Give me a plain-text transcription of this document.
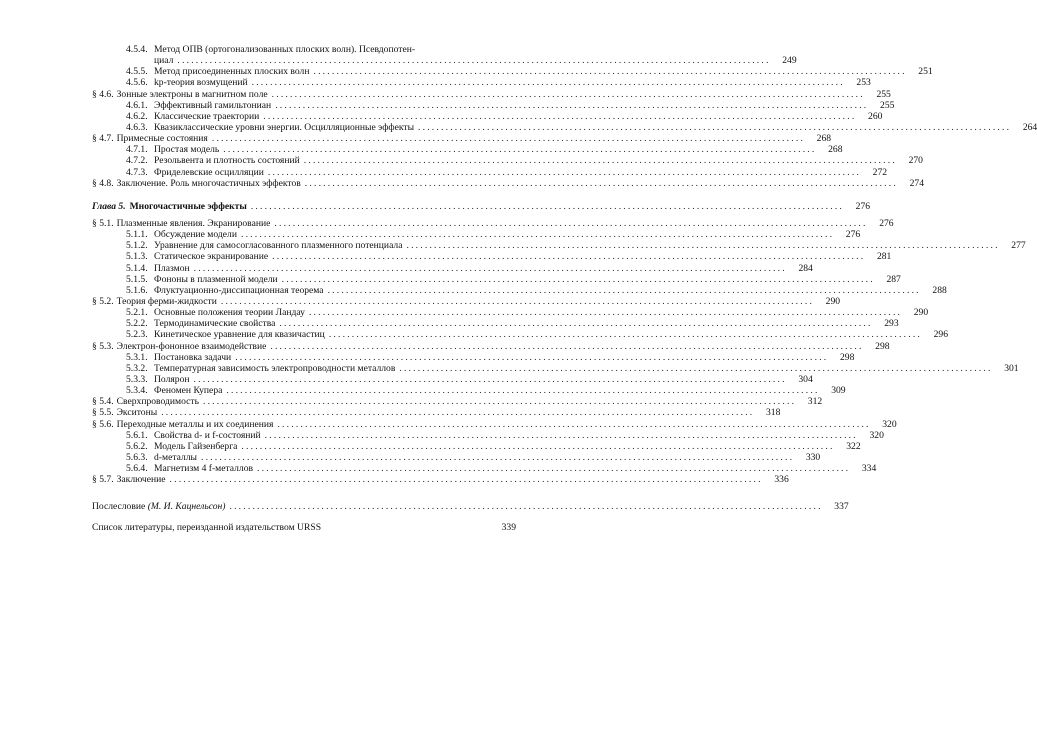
4.5.4. Метод ОПВ (ортогонализованных плоских волн). Псевдопотен-
циал .................................................................................................................................	249
4.5.5. Метод присоединенных плоских волн .................................................................................................................................	251
4.5.6. kp-теория возмущений .................................................................................................................................	253
§ 4.6. Зонные электроны в магнитном поле .................................................................................................................................	255
4.6.1. Эффективный гамильтониан .................................................................................................................................	255
4.6.2. Классические траектории .................................................................................................................................	260
4.6.3. Квазиклассические уровни энергии. Осцилляционные эффекты .................................................................................................................................	264
§ 4.7. Примесные состояния .................................................................................................................................	268
4.7.1. Простая модель .................................................................................................................................	268
4.7.2. Резольвента и плотность состояний .................................................................................................................................	270
4.7.3. Фриделевские осцилляции .................................................................................................................................	272
§ 4.8. Заключение. Роль многочастичных эффектов .................................................................................................................................	274
Глава 5. Многочастичные эффекты .................................................................................................................................	276
§ 5.1. Плазменные явления. Экранирование .................................................................................................................................	276
5.1.1. Обсуждение модели .................................................................................................................................	276
5.1.2. Уравнение для самосогласованного плазменного потенциала .................................................................................................................................	277
5.1.3. Статическое экранирование .................................................................................................................................	281
5.1.4. Плазмон .................................................................................................................................	284
5.1.5. Фононы в плазменной модели .................................................................................................................................	287
5.1.6. Флуктуационно-диссипационная теорема .................................................................................................................................	288
§ 5.2. Теория ферми-жидкости .................................................................................................................................	290
5.2.1. Основные положения теории Ландау .................................................................................................................................	290
5.2.2. Термодинамические свойства .................................................................................................................................	293
5.2.3. Кинетическое уравнение для квазичастиц .................................................................................................................................	296
§ 5.3. Электрон-фононное взаимодействие .................................................................................................................................	298
5.3.1. Постановка задачи .................................................................................................................................	298
5.3.2. Температурная зависимость электропроводности металлов .................................................................................................................................	301
5.3.3. Полярон .................................................................................................................................	304
5.3.4. Феномен Купера .................................................................................................................................	309
§ 5.4. Сверхпроводимость .................................................................................................................................	312
§ 5.5. Экситоны .................................................................................................................................	318
§ 5.6. Переходные металлы и их соединения .................................................................................................................................	320
5.6.1. Свойства d- и f-состояний .................................................................................................................................	320
5.6.2. Модель Гайзенберга .................................................................................................................................	322
5.6.3. d-металлы .................................................................................................................................	330
5.6.4. Магнетизм 4 f-металлов .................................................................................................................................	334
§ 5.7. Заключение .................................................................................................................................	336
Послесловие (М. И. Кацнельсон) .................................................................................................................................	337
Список литературы, переизданной издательством URSS	339
